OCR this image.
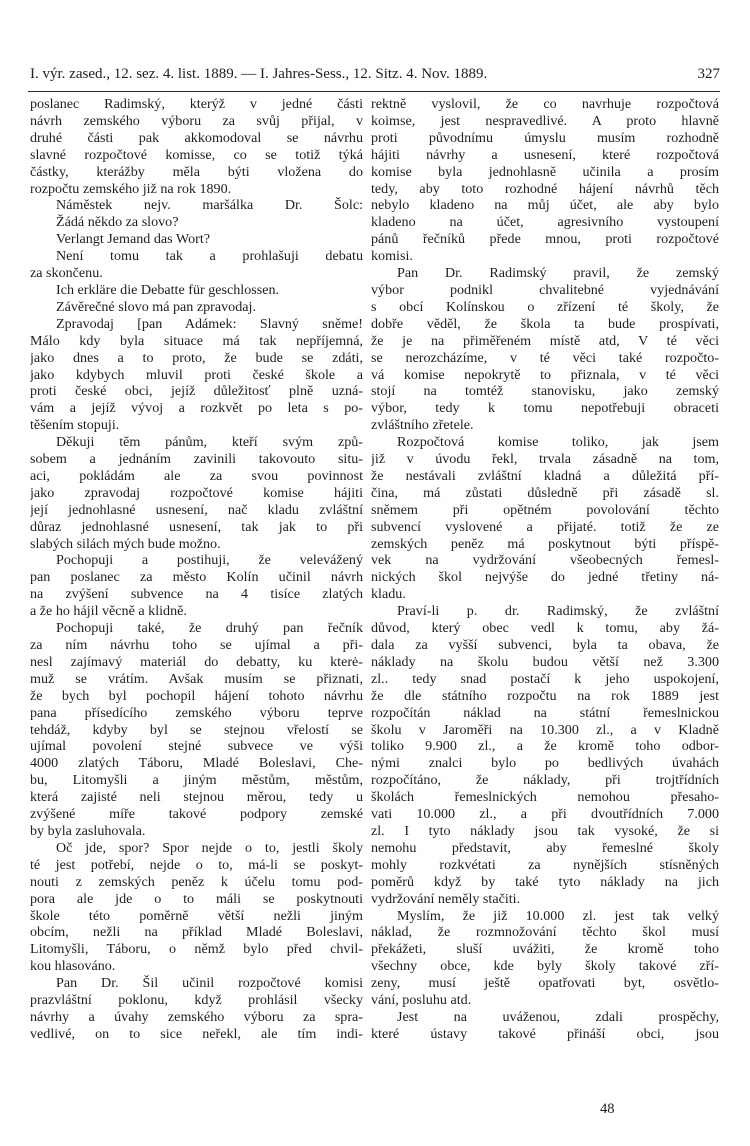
I. výr. zased., 12. sez. 4. list. 1889. — I. Jahres-Sess., 12. Sitz. 4. Nov. 1889.	327

poslanec Radimský, kterýž v jedné části

návrh zemského výboru za svůj přijal, v

druhé části pak akkomodoval se návrhu

slavné rozpočtové komisse, co se totiž týká

částky, kterážby měla býti vložena do

rozpočtu zemského již na rok 1890.

Náměstek nejv. maršálka Dr. Šolc:

Žádá někdo za slovo?

Verlangt Jemand das Wort?

Není tomu tak a prohlašuji debatu

za skončenu.

Ich erkläre die Debatte für geschlossen.

Závěrečné slovo má pan zpravodaj.

Zpravodaj [pan Adámek: Slavný sněme!

Málo kdy byla situace má tak nepříjemná,

jako dnes a to proto, že bude se zdáti,

jako kdybych mluvil proti české škole a

proti české obci, jejíž důležitosť plně uzná-

vám a jejíž vývoj a rozkvět po leta s po-

těšením stopuji.

Děkuji těm pánům, kteří svým způ-

sobem a jednáním zavinili takovouto situ-

aci, pokládám ale za svou povinnost

jako zpravodaj rozpočtové komise hájiti

její jednohlasné usnesení, nač kladu zvláštní

důraz jednohlasné usnesení, tak jak to při

slabých silách mých bude možno.

Pochopuji a postihuji, že velevážený

pan poslanec za město Kolín učinil návrh

na zvýšení subvence na 4 tisíce zlatých

a že ho hájil věcně a klidně.

Pochopuji také, že druhý pan řečník

za ním návrhu toho se ujímal a při-

nesl zajímavý materiál do debatty, ku kterė-

muž se vrátím. Avšak musím se přiznati,

že bych byl pochopil hájení tohoto návrhu

pana přísedícího zemského výboru teprve

tehdáž, kdyby byl se stejnou vřelostí se

ujímal povolení stejné subvece ve výši

4000 zlatých Táboru, Mladé Boleslavi, Che-

bu, Litomyšli a jiným městům, městům,

která zajisté neli stejnou měrou, tedy u

zvýšené míře takové podpory zemské

by byla zasluhovala.

Oč jde, spor? Spor nejde o to, jestli školy

té jest potřebí, nejde o to, má-li se poskyt-

nouti z zemských peněz k účelu tomu pod-

pora ale jde o to máli se poskytnouti

škole této poměrně větší nežli jiným

obcím, nežli na příklad Mladé Boleslavi,

Litomyšli, Táboru, o němž bylo před chvil-

kou hlasováno.

Pan Dr. Šil učinil rozpočtové komisi

prazvláštní poklonu, když prohlásil všecky

návrhy a úvahy zemského výboru za spra-

vedlivé, on to sice neřekl, ale tím indi-

rektně vyslovil, že co navrhuje rozpočtová

koimse, jest nespravedlivé. A proto hlavně

proti původnímu úmyslu musím rozhodně

hájiti návrhy a usnesení, které rozpočtová

komise byla jednohlasně učinila a prosím

tedy, aby toto rozhodné hájení návrhů těch

nebylo kladeno na můj účet, ale aby bylo

kladeno na účet, agresivního vystoupení

pánů řečníků přede mnou, proti rozpočtové

komisi.

Pan Dr. Radimský pravil, že zemský

výbor podnikl chvalitebné vyjednávání

s obcí Kolínskou o zřízení té školy, že

dobře věděl, že škola ta bude prospívati,

že je na přiměřeném místě atd, V té věci

se nerozcházíme, v té věci také rozpočto-

vá komise nepokrytě to přiznala, v té věci

stojí na tomtéž stanovisku, jako zemský

výbor, tedy k tomu nepotřebuji obraceti

zvláštního zřetele.

Rozpočtová komise toliko, jak jsem

již v úvodu řekl, trvala zásadně na tom,

že nestávali zvláštní kladná a důležitá pří-

čina, má zůstati důsledně při zásadě sl.

sněmem při opětném povolování těchto

subvencí vyslovené a přijaté. totiž že ze

zemských peněz má poskytnout býti příspě-

vek na vydržování všeobecných řemesl-

nických škol nejvýše do jedné třetiny ná-

kladu.

Praví-li p. dr. Radimský, že zvláštní

důvod, který obec vedl k tomu, aby žá-

dala za vyšší subvenci, byla ta obava, že

náklady na školu budou větší než 3.300

zl.. tedy snad postačí k jeho uspokojení,

že dle státního rozpočtu na rok 1889 jest

rozpočítán náklad na státní řemeslnickou

školu v Jaroměři na 10.300 zl., a v Kladně

toliko 9.900 zl., a že kromě toho odbor-

nými znalci bylo po bedlivých úvahách

rozpočítáno, že náklady, při trojtřídních

školách řemeslnických nemohou přesaho-

vati 10.000 zl., a při dvoutřídních 7.000

zl. I tyto náklady jsou tak vysoké, že si

nemohu představit, aby řemeslné školy

mohly rozkvétati za nynějších stísněných

poměrů když by také tyto náklady na jich

vydržování neměly stačiti.

Myslím, že již 10.000 zl. jest tak velký

náklad, že rozmnožování těchto škol musí

překážeti, sluší uvážiti, že kromě toho

všechny obce, kde byly školy takové zří-

zeny, musí ještě opatřovati byt, osvětlo-

vání, posluhu atd.

Jest na uváženou, zdali prospěchy,

které ústavy takové přináší obci, jsou

48
